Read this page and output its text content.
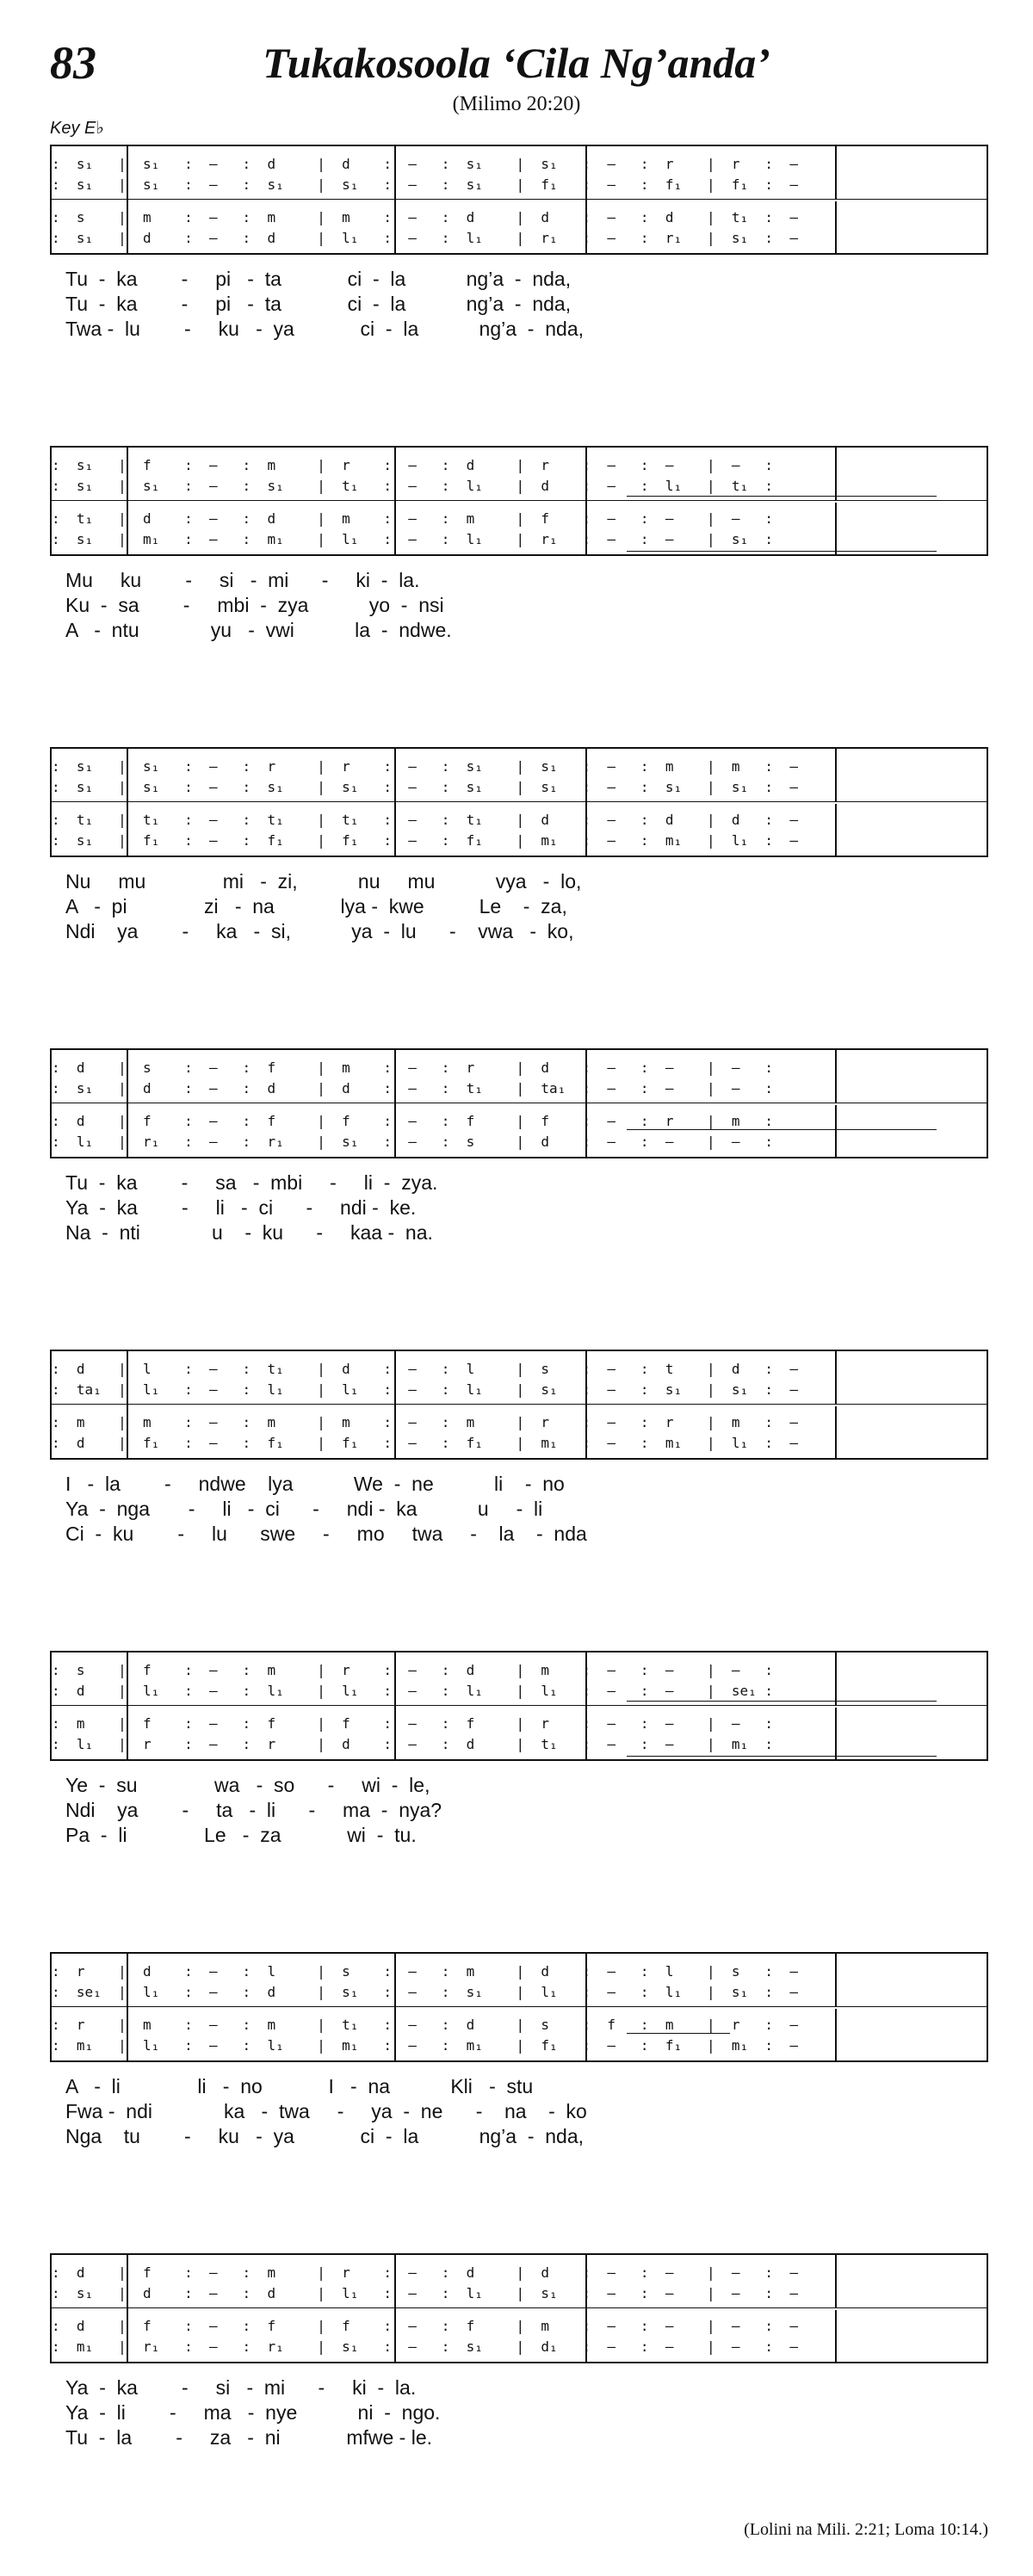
83	Tukakosoola ‘Cila Ng’anda’
(Milimo 20:20)
Key E♭
:  s₁   |  s₁   :  —   :  d     |  d    :  —   :  s₁    |  s₁   :  —   :  r    |  r   :  —
:  s₁   |  s₁   :  —   :  s₁    |  s₁   :  —   :  s₁    |  f₁   :  —   :  f₁   |  f₁  :  —
:  s    |  m    :  —   :  m     |  m    :  —   :  d     |  d    :  —   :  d    |  t₁  :  —
:  s₁   |  d    :  —   :  d     |  l₁   :  —   :  l₁    |  r₁   :  —   :  r₁   |  s₁  :  —
Tu  -  ka        -     pi   -  ta            ci  -  la           ng’a  -  nda,
Tu  -  ka        -     pi   -  ta            ci  -  la           ng’a  -  nda,
Twa -  lu        -     ku   -  ya            ci  -  la           ng’a  -  nda,
:  s₁   |  f    :  —   :  m     |  r    :  —   :  d     |  r    :  —   :  —    |  —   :
:  s₁   |  s₁   :  —   :  s₁    |  t₁   :  —   :  l₁    |  d    :  —   :  l₁   |  t₁  :
:  t₁   |  d    :  —   :  d     |  m    :  —   :  m     |  f    :  —   :  —    |  —   :
:  s₁   |  m₁   :  —   :  m₁    |  l₁   :  —   :  l₁    |  r₁   :  —   :  —    |  s₁  :
Mu     ku        -     si   -  mi      -     ki  -  la.
Ku  -  sa        -     mbi  -  zya           yo  -  nsi
A   -  ntu             yu   -  vwi           la  -  ndwe.
:  s₁   |  s₁   :  —   :  r     |  r    :  —   :  s₁    |  s₁   :  —   :  m    |  m   :  —
:  s₁   |  s₁   :  —   :  s₁    |  s₁   :  —   :  s₁    |  s₁   :  —   :  s₁   |  s₁  :  —
:  t₁   |  t₁   :  —   :  t₁    |  t₁   :  —   :  t₁    |  d    :  —   :  d    |  d   :  —
:  s₁   |  f₁   :  —   :  f₁    |  f₁   :  —   :  f₁    |  m₁   :  —   :  m₁   |  l₁  :  —
Nu     mu              mi   -  zi,           nu     mu           vya   -  lo,
A   -  pi              zi   -  na            lya -  kwe          Le    -  za,
Ndi    ya        -     ka   -  si,           ya  -  lu      -    vwa   -  ko,
:  d    |  s    :  —   :  f     |  m    :  —   :  r     |  d    :  —   :  —    |  —   :
:  s₁   |  d    :  —   :  d     |  d    :  —   :  t₁    |  ta₁  :  —   :  —    |  —   :
:  d    |  f    :  —   :  f     |  f    :  —   :  f     |  f    :  —   :  r    |  m   :
:  l₁   |  r₁   :  —   :  r₁    |  s₁   :  —   :  s     |  d    :  —   :  —    |  —   :
Tu  -  ka        -     sa   -  mbi     -     li  -  zya.
Ya  -  ka        -     li   -  ci      -     ndi -  ke.
Na  -  nti             u    -  ku      -     kaa -  na.
:  d    |  l    :  —   :  t₁    |  d    :  —   :  l     |  s    :  —   :  t    |  d   :  —
:  ta₁  |  l₁   :  —   :  l₁    |  l₁   :  —   :  l₁    |  s₁   :  —   :  s₁   |  s₁  :  —
:  m    |  m    :  —   :  m     |  m    :  —   :  m     |  r    :  —   :  r    |  m   :  —
:  d    |  f₁   :  —   :  f₁    |  f₁   :  —   :  f₁    |  m₁   :  —   :  m₁   |  l₁  :  —
I   -  la        -     ndwe    lya           We  -  ne           li    -  no
Ya  -  nga       -     li   -  ci      -     ndi -  ka           u     -  li
Ci  -  ku        -     lu      swe     -     mo     twa     -    la    -  nda
:  s    |  f    :  —   :  m     |  r    :  —   :  d     |  m    :  —   :  —    |  —   :
:  d    |  l₁   :  —   :  l₁    |  l₁   :  —   :  l₁    |  l₁   :  —   :  —    |  se₁ :
:  m    |  f    :  —   :  f     |  f    :  —   :  f     |  r    :  —   :  —    |  —   :
:  l₁   |  r    :  —   :  r     |  d    :  —   :  d     |  t₁   :  —   :  —    |  m₁  :
Ye  -  su              wa   -  so      -     wi  -  le,
Ndi    ya        -     ta   -  li      -     ma  -  nya?
Pa  -  li              Le   -  za            wi  -  tu.
:  r    |  d    :  —   :  l     |  s    :  —   :  m     |  d    :  —   :  l    |  s   :  —
:  se₁  |  l₁   :  —   :  d     |  s₁   :  —   :  s₁    |  l₁   :  —   :  l₁   |  s₁  :  —
:  r    |  m    :  —   :  m     |  t₁   :  —   :  d     |  s    :  f   :  m    |  r   :  —
:  m₁   |  l₁   :  —   :  l₁    |  m₁   :  —   :  m₁    |  f₁   :  —   :  f₁   |  m₁  :  —
A   -  li              li   -  no            I   -  na           Kli   -  stu
Fwa -  ndi             ka   -  twa     -     ya  -  ne      -    na    -  ko
Nga    tu        -     ku   -  ya            ci  -  la           ng’a  -  nda,
:  d    |  f    :  —   :  m     |  r    :  —   :  d     |  d    :  —   :  —    |  —   :  —
:  s₁   |  d    :  —   :  d     |  l₁   :  —   :  l₁    |  s₁   :  —   :  —    |  —   :  —
:  d    |  f    :  —   :  f     |  f    :  —   :  f     |  m    :  —   :  —    |  —   :  —
:  m₁   |  r₁   :  —   :  r₁    |  s₁   :  —   :  s₁    |  d₁   :  —   :  —    |  —   :  —
Ya  -  ka        -     si   -  mi      -     ki  -  la.
Ya  -  li        -     ma   -  nye           ni  -  ngo.
Tu  -  la        -     za   -  ni            mfwe - le.
(Lolini na Mili. 2:21; Loma 10:14.)
